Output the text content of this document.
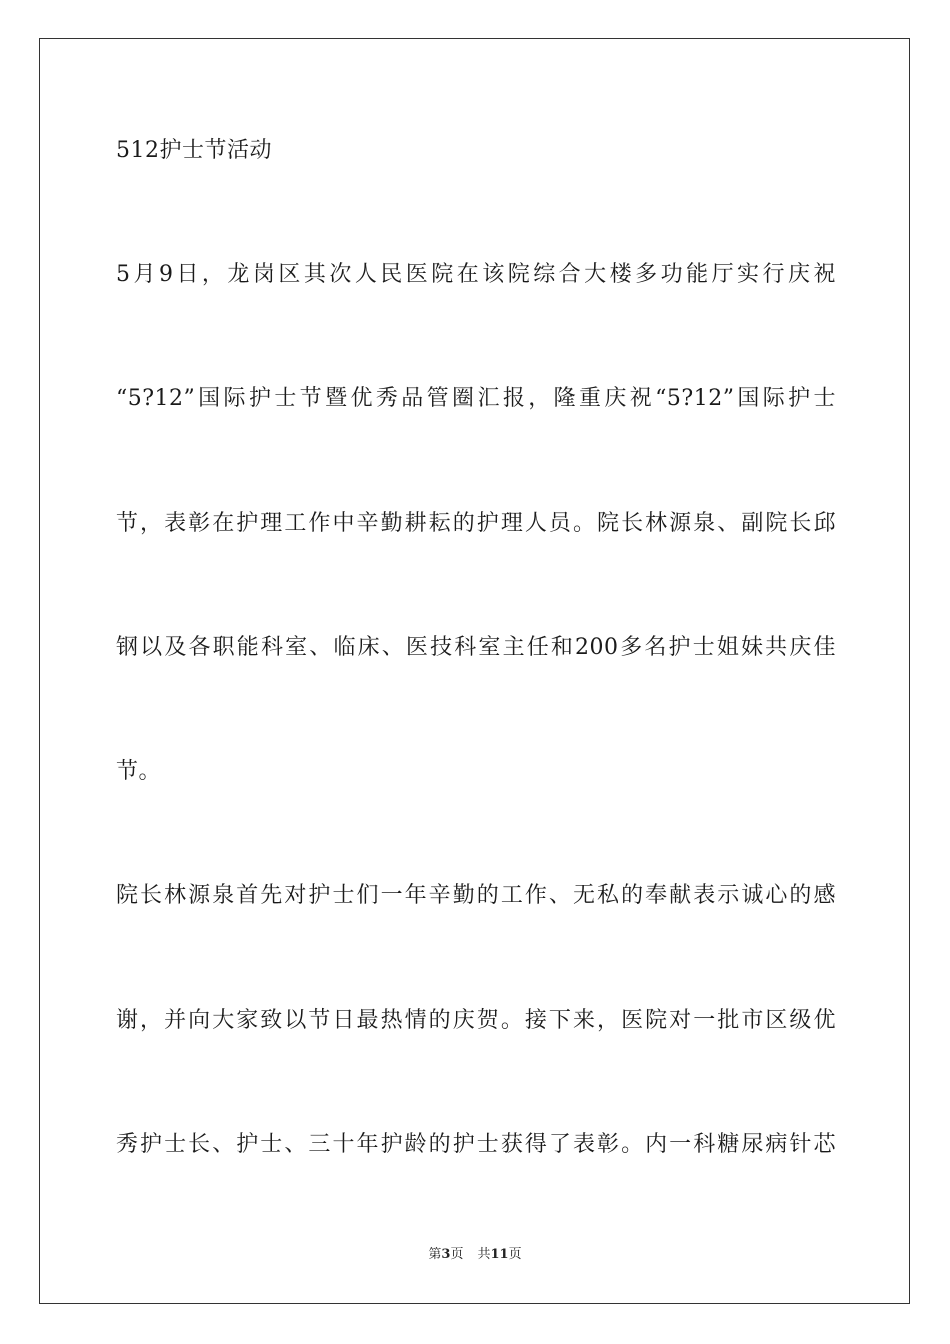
512护士节活动
5月9日，龙岗区其次人民医院在该院综合大楼多功能厅实行庆祝
“5?12”国际护士节暨优秀品管圈汇报，隆重庆祝“5?12”国际护士
节，表彰在护理工作中辛勤耕耘的护理人员。院长林源泉、副院长邱
钢以及各职能科室、临床、医技科室主任和200多名护士姐妹共庆佳
节。
院长林源泉首先对护士们一年辛勤的工作、无私的奉献表示诚心的感
谢，并向大家致以节日最热情的庆贺。接下来，医院对一批市区级优
秀护士长、护士、三十年护龄的护士获得了表彰。内一科糖尿病针芯
第3页 共11页
